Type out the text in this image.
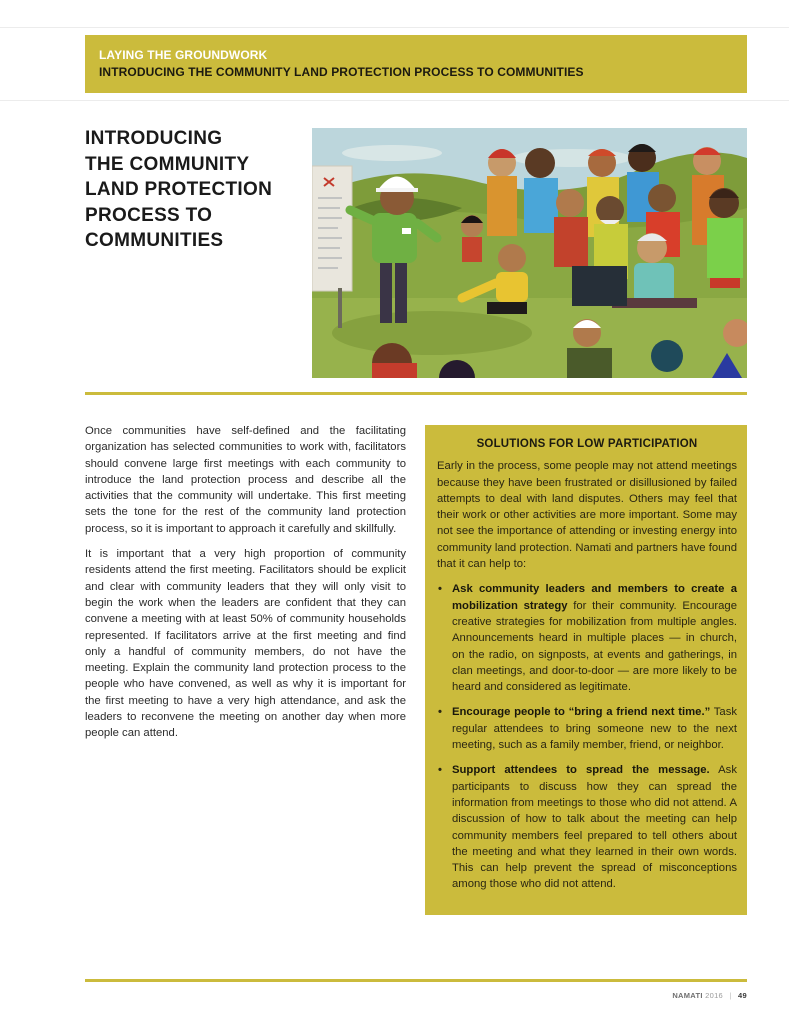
LAYING THE GROUNDWORK
INTRODUCING THE COMMUNITY LAND PROTECTION PROCESS TO COMMUNITIES
INTRODUCING
THE COMMUNITY
LAND PROTECTION
PROCESS TO
COMMUNITIES

Once communities have self-defined and the facilitating organization has selected communities to work with, facilitators should convene large first meetings with each community to introduce the land protection process and describe all the activities that the community will undertake. This first meeting sets the tone for the rest of the community land protection process, so it is important to approach it carefully and skillfully.

It is important that a very high proportion of community residents attend the first meeting. Facilitators should be explicit and clear with community leaders that they will only visit to begin the work when the leaders are confident that they can convene a meeting with at least 50% of community households represented. If facilitators arrive at the first meeting and find only a handful of community members, do not have the meeting. Explain the community land protection process to the people who have convened, as well as why it is important for the first meeting to have a very high attendance, and ask the leaders to reconvene the meeting on another day when more people can attend.

SOLUTIONS FOR LOW PARTICIPATION

Early in the process, some people may not attend meetings because they have been frustrated or disillusioned by failed attempts to deal with land disputes. Others may feel that their work or other activities are more important. Some may not see the importance of attending or investing energy into community land protection. Namati and partners have found that it can help to:

• Ask community leaders and members to create a mobilization strategy for their community. Encourage creative strategies for mobilization from multiple angles. Announcements heard in multiple places — in church, on the radio, on signposts, at events and gatherings, in clan meetings, and door-to-door — are more likely to be heard and considered as legitimate.
• Encourage people to “bring a friend next time.” Task regular attendees to bring someone new to the next meeting, such as a family member, friend, or neighbor.
• Support attendees to spread the message. Ask participants to discuss how they can spread the information from meetings to those who did not attend. A discussion of how to talk about the meeting can help community members feel prepared to tell others about the meeting and what they learned in their own words. This can help prevent the spread of misconceptions among those who did not attend.
NAMATI 2016 | 49
